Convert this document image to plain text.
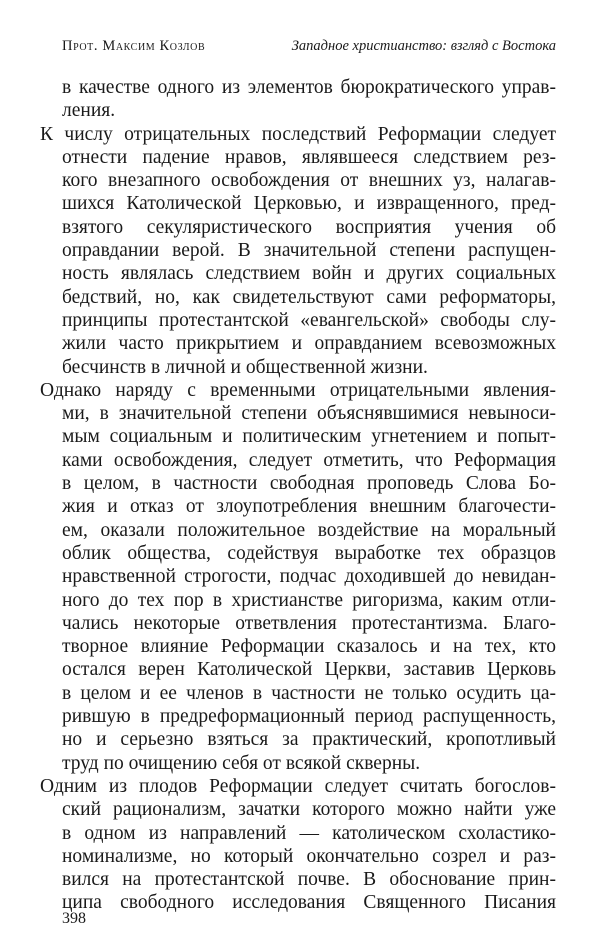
Прот. Максим Козлов	Западное христианство: взгляд с Востока
в качестве одного из элементов бюрократического управ-
ления.
К числу отрицательных последствий Реформации следует
отнести падение нравов, являвшееся следствием рез-
кого внезапного освобождения от внешних уз, налагав-
шихся Католической Церковью, и извращенного, пред-
взятого секуляристического восприятия учения об
оправдании верой. В значительной степени распущен-
ность являлась следствием войн и других социальных
бедствий, но, как свидетельствуют сами реформаторы,
принципы протестантской «евангельской» свободы слу-
жили часто прикрытием и оправданием всевозможных
бесчинств в личной и общественной жизни.
Однако наряду с временными отрицательными явления-
ми, в значительной степени объяснявшимися невыноси-
мым социальным и политическим угнетением и попыт-
ками освобождения, следует отметить, что Реформация
в целом, в частности свободная проповедь Слова Бо-
жия и отказ от злоупотребления внешним благочести-
ем, оказали положительное воздействие на моральный
облик общества, содействуя выработке тех образцов
нравственной строгости, подчас доходившей до невидан-
ного до тех пор в христианстве ригоризма, каким отли-
чались некоторые ответвления протестантизма. Благо-
творное влияние Реформации сказалось и на тех, кто
остался верен Католической Церкви, заставив Церковь
в целом и ее членов в частности не только осудить ца-
рившую в предреформационный период распущенность,
но и серьезно взяться за практический, кропотливый
труд по очищению себя от всякой скверны.
Одним из плодов Реформации следует считать богослов-
ский рационализм, зачатки которого можно найти уже
в одном из направлений — католическом схоластико-
номинализме, но который окончательно созрел и раз-
вился на протестантской почве. В обоснование прин-
ципа свободного исследования Священного Писания
398
